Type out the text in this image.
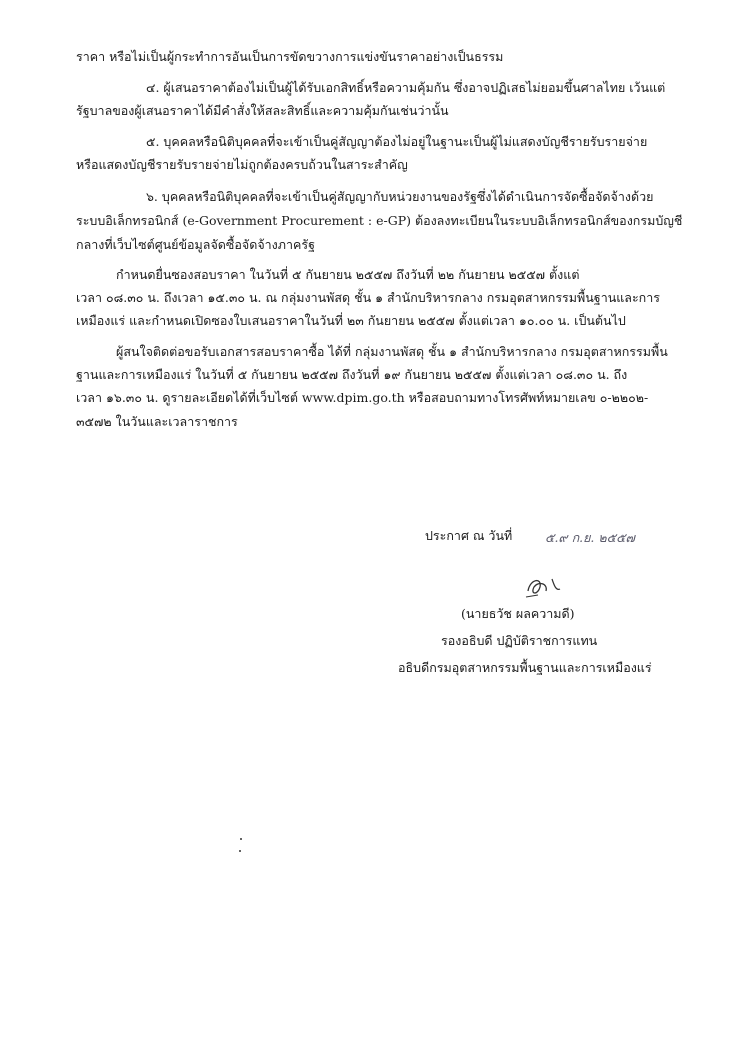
ราคา หรือไม่เป็นผู้กระทำการอันเป็นการขัดขวางการแข่งขันราคาอย่างเป็นธรรม
๔. ผู้เสนอราคาต้องไม่เป็นผู้ได้รับเอกสิทธิ์หรือความคุ้มกัน ซึ่งอาจปฏิเสธไม่ยอมขึ้นศาลไทย เว้นแต่
รัฐบาลของผู้เสนอราคาได้มีคำสั่งให้สละสิทธิ์และความคุ้มกันเช่นว่านั้น
๕. บุคคลหรือนิติบุคคลที่จะเข้าเป็นคู่สัญญาต้องไม่อยู่ในฐานะเป็นผู้ไม่แสดงบัญชีรายรับรายจ่าย
หรือแสดงบัญชีรายรับรายจ่ายไม่ถูกต้องครบถ้วนในสาระสำคัญ
๖. บุคคลหรือนิติบุคคลที่จะเข้าเป็นคู่สัญญากับหน่วยงานของรัฐซึ่งได้ดำเนินการจัดซื้อจัดจ้างด้วย
ระบบอิเล็กทรอนิกส์ (e-Government Procurement : e-GP) ต้องลงทะเบียนในระบบอิเล็กทรอนิกส์ของกรมบัญชี
กลางที่เว็บไซต์ศูนย์ข้อมูลจัดซื้อจัดจ้างภาครัฐ
กำหนดยื่นซองสอบราคา ในวันที่ ๕ กันยายน ๒๕๕๗ ถึงวันที่ ๒๒ กันยายน ๒๕๕๗ ตั้งแต่
เวลา ๐๘.๓๐ น. ถึงเวลา ๑๕.๓๐ น. ณ กลุ่มงานพัสดุ ชั้น ๑ สำนักบริหารกลาง กรมอุตสาหกรรมพื้นฐานและการ
เหมืองแร่ และกำหนดเปิดซองใบเสนอราคาในวันที่ ๒๓ กันยายน ๒๕๕๗ ตั้งแต่เวลา ๑๐.๐๐ น. เป็นต้นไป
ผู้สนใจติดต่อขอรับเอกสารสอบราคาซื้อ ได้ที่ กลุ่มงานพัสดุ ชั้น ๑ สำนักบริหารกลาง กรมอุตสาหกรรมพื้น
ฐานและการเหมืองแร่ ในวันที่ ๕ กันยายน ๒๕๕๗ ถึงวันที่ ๑๙ กันยายน ๒๕๕๗ ตั้งแต่เวลา ๐๘.๓๐ น. ถึง
เวลา ๑๖.๓๐ น. ดูรายละเอียดได้ที่เว็บไซต์ www.dpim.go.th หรือสอบถามทางโทรศัพท์หมายเลข ๐-๒๒๐๒-
๓๕๗๒ ในวันและเวลาราชการ
ประกาศ ณ วันที่	๕.๙ ก.ย. ๒๕๕๗
(นายธวัช ผลความดี)
รองอธิบดี ปฏิบัติราชการแทน
อธิบดีกรมอุตสาหกรรมพื้นฐานและการเหมืองแร่
